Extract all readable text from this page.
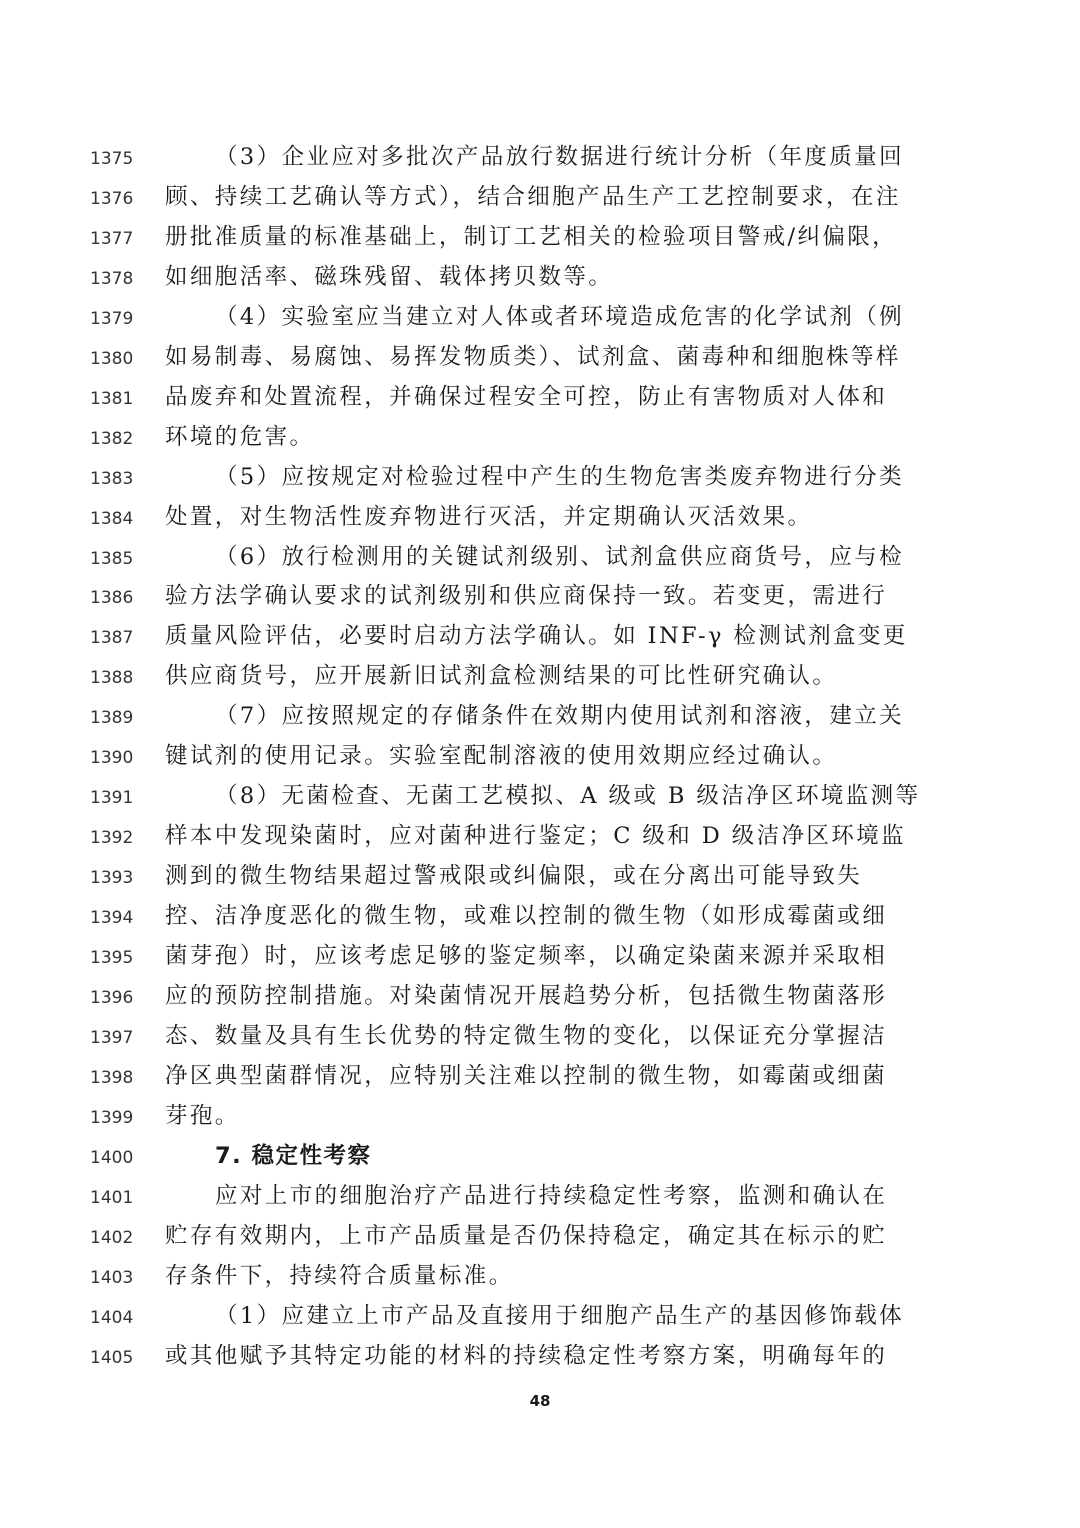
1375	（3）企业应对多批次产品放行数据进行统计分析（年度质量回
1376 顾、持续工艺确认等方式），结合细胞产品生产工艺控制要求，在注
1377 册批准质量的标准基础上，制订工艺相关的检验项目警戒/纠偏限，
1378 如细胞活率、磁珠残留、载体拷贝数等。
1379	（4）实验室应当建立对人体或者环境造成危害的化学试剂（例
1380 如易制毒、易腐蚀、易挥发物质类）、试剂盒、菌毒种和细胞株等样
1381 品废弃和处置流程，并确保过程安全可控，防止有害物质对人体和
1382 环境的危害。
1383	（5）应按规定对检验过程中产生的生物危害类废弃物进行分类
1384 处置，对生物活性废弃物进行灭活，并定期确认灭活效果。
1385	（6）放行检测用的关键试剂级别、试剂盒供应商货号，应与检
1386 验方法学确认要求的试剂级别和供应商保持一致。若变更，需进行
1387 质量风险评估，必要时启动方法学确认。如 INF-γ 检测试剂盒变更
1388 供应商货号，应开展新旧试剂盒检测结果的可比性研究确认。
1389	（7）应按照规定的存储条件在效期内使用试剂和溶液，建立关
1390 键试剂的使用记录。实验室配制溶液的使用效期应经过确认。
1391	（8）无菌检查、无菌工艺模拟、A 级或 B 级洁净区环境监测等
1392 样本中发现染菌时，应对菌种进行鉴定；C 级和 D 级洁净区环境监
1393 测到的微生物结果超过警戒限或纠偏限，或在分离出可能导致失
1394 控、洁净度恶化的微生物，或难以控制的微生物（如形成霉菌或细
1395 菌芽孢）时，应该考虑足够的鉴定频率，以确定染菌来源并采取相
1396 应的预防控制措施。对染菌情况开展趋势分析，包括微生物菌落形
1397 态、数量及具有生长优势的特定微生物的变化，以保证充分掌握洁
1398 净区典型菌群情况，应特别关注难以控制的微生物，如霉菌或细菌
1399 芽孢。
1400	7. 稳定性考察
1401	应对上市的细胞治疗产品进行持续稳定性考察，监测和确认在
1402 贮存有效期内，上市产品质量是否仍保持稳定，确定其在标示的贮
1403 存条件下，持续符合质量标准。
1404	（1）应建立上市产品及直接用于细胞产品生产的基因修饰载体
1405 或其他赋予其特定功能的材料的持续稳定性考察方案，明确每年的
48
